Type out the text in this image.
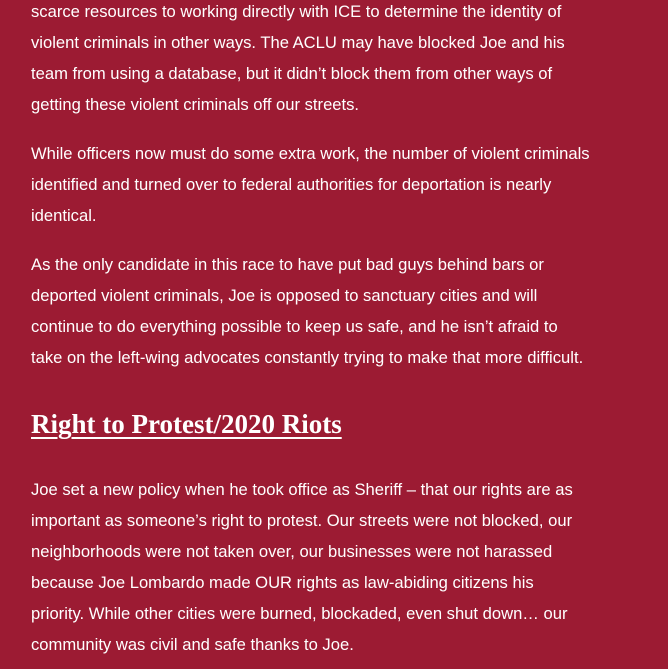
scarce resources to working directly with ICE to determine the identity of
violent criminals in other ways. The ACLU may have blocked Joe and his
team from using a database, but it didn’t block them from other ways of
getting these violent criminals off our streets.

While officers now must do some extra work, the number of violent criminals
identified and turned over to federal authorities for deportation is nearly
identical.

As the only candidate in this race to have put bad guys behind bars or
deported violent criminals, Joe is opposed to sanctuary cities and will
continue to do everything possible to keep us safe, and he isn’t afraid to
take on the left-wing advocates constantly trying to make that more difficult.

Right to Protest/2020 Riots

Joe set a new policy when he took office as Sheriff – that our rights are as
important as someone’s right to protest. Our streets were not blocked, our
neighborhoods were not taken over, our businesses were not harassed
because Joe Lombardo made OUR rights as law-abiding citizens his
priority. While other cities were burned, blockaded, even shut down… our
community was civil and safe thanks to Joe.
